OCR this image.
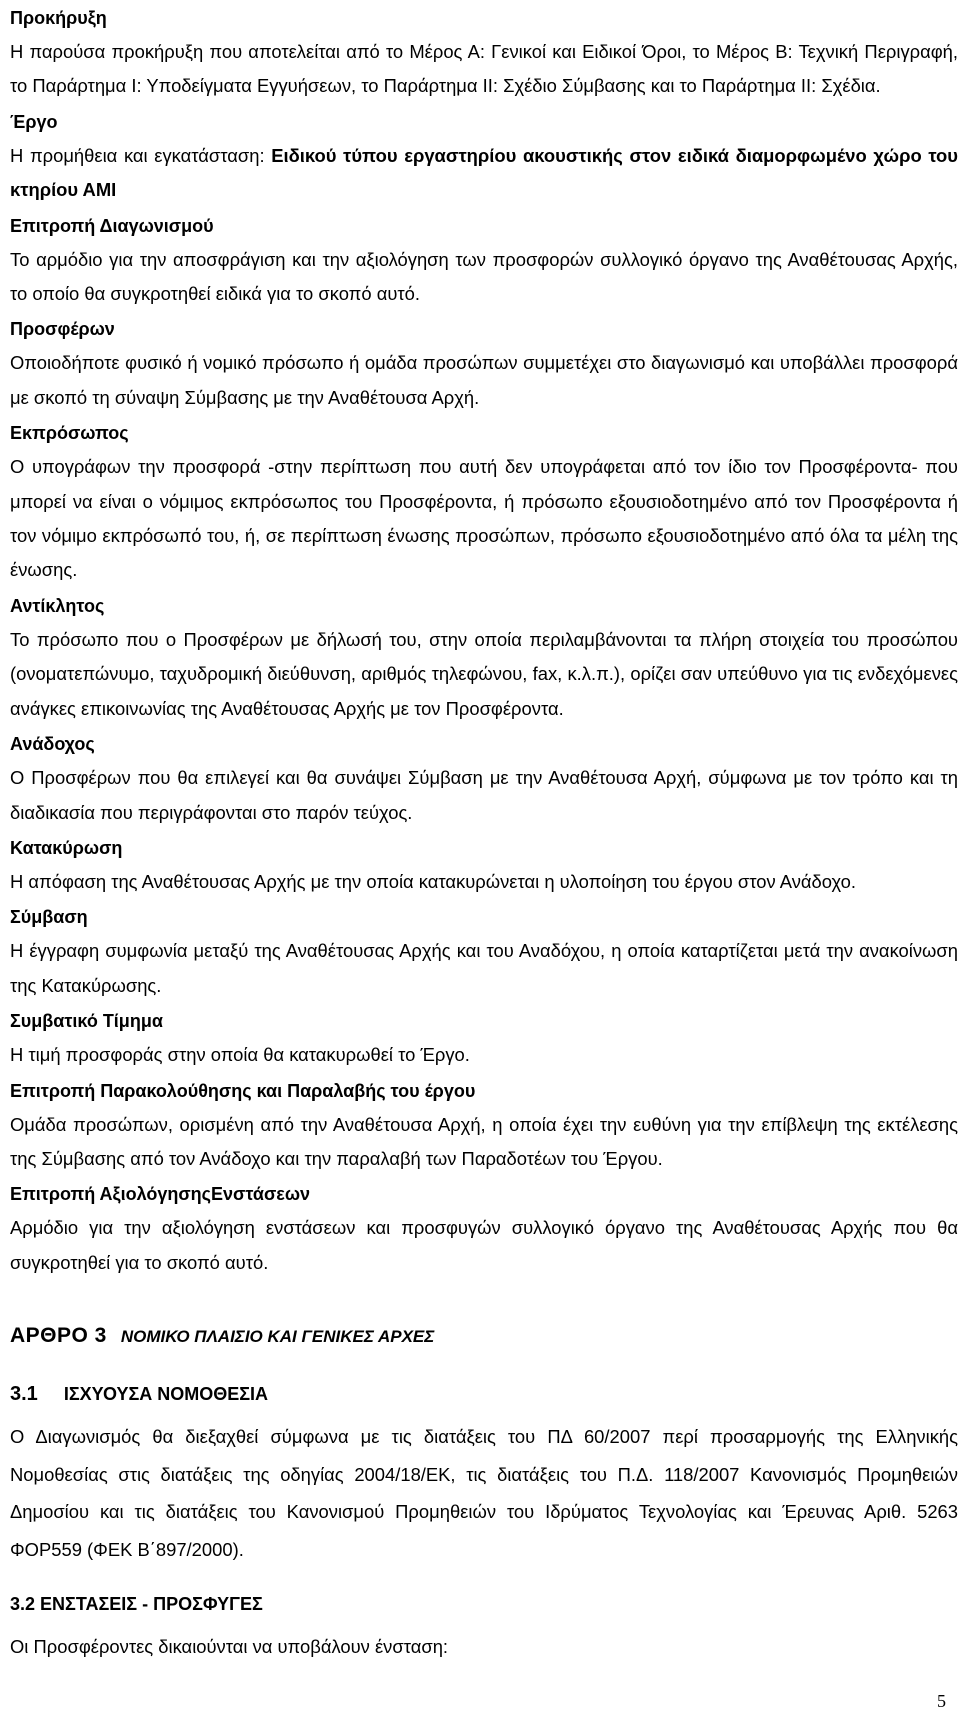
Προκήρυξη

Η παρούσα προκήρυξη που αποτελείται από το Μέρος Α: Γενικοί και Ειδικοί Όροι, το Μέρος Β: Τεχνική Περιγραφή, το Παράρτημα Ι: Υποδείγματα Εγγυήσεων, το Παράρτημα ΙΙ: Σχέδιο Σύμβασης και το Παράρτημα ΙΙ: Σχέδια.

Έργο

Η προμήθεια και εγκατάσταση: Ειδικού τύπου εργαστηρίου ακουστικής στον ειδικά διαμορφωμένο χώρο του κτηρίου ΑΜΙ

Επιτροπή Διαγωνισμού

Το αρμόδιο για την αποσφράγιση και την αξιολόγηση των προσφορών συλλογικό όργανο της Αναθέτουσας Αρχής, το οποίο θα συγκροτηθεί ειδικά για το σκοπό αυτό.

Προσφέρων

Οποιοδήποτε φυσικό ή νομικό πρόσωπο ή ομάδα προσώπων συμμετέχει στο διαγωνισμό και υποβάλλει προσφορά με σκοπό τη σύναψη Σύμβασης με την Αναθέτουσα Αρχή.

Εκπρόσωπος

Ο υπογράφων την προσφορά -στην περίπτωση που αυτή δεν υπογράφεται από τον ίδιο τον Προσφέροντα- που μπορεί να είναι ο νόμιμος εκπρόσωπος του Προσφέροντα, ή πρόσωπο εξουσιοδοτημένο από τον Προσφέροντα ή τον νόμιμο εκπρόσωπό του, ή, σε περίπτωση ένωσης προσώπων, πρόσωπο εξουσιοδοτημένο από όλα τα μέλη της ένωσης.

Αντίκλητος

Το πρόσωπο που ο Προσφέρων με δήλωσή του, στην οποία περιλαμβάνονται τα πλήρη στοιχεία του προσώπου (ονοματεπώνυμο, ταχυδρομική διεύθυνση, αριθμός τηλεφώνου, fax, κ.λ.π.), ορίζει σαν υπεύθυνο για τις ενδεχόμενες ανάγκες επικοινωνίας της Αναθέτουσας Αρχής με τον Προσφέροντα.

Ανάδοχος

Ο Προσφέρων που θα επιλεγεί και θα συνάψει Σύμβαση με την Αναθέτουσα Αρχή, σύμφωνα με τον τρόπο και τη διαδικασία που περιγράφονται στο παρόν τεύχος.

Κατακύρωση

Η απόφαση της Αναθέτουσας Αρχής με την οποία κατακυρώνεται η υλοποίηση του έργου στον Ανάδοχο.

Σύμβαση

Η έγγραφη συμφωνία μεταξύ της Αναθέτουσας Αρχής και του Αναδόχου, η οποία καταρτίζεται μετά την ανακοίνωση της Κατακύρωσης.

Συμβατικό Τίμημα

Η τιμή προσφοράς στην οποία θα κατακυρωθεί το Έργο.

Επιτροπή Παρακολούθησης και Παραλαβής του έργου

Ομάδα προσώπων, ορισμένη από την Αναθέτουσα Αρχή, η οποία έχει την ευθύνη για την επίβλεψη της εκτέλεσης της Σύμβασης από τον Ανάδοχο και την παραλαβή των Παραδοτέων του Έργου.

Επιτροπή ΑξιολόγησηςΕνστάσεων

Αρμόδιο για την αξιολόγηση ενστάσεων και προσφυγών συλλογικό όργανο της Αναθέτουσας Αρχής που θα συγκροτηθεί για το σκοπό αυτό.

ΑΡΘΡΟ 3 ΝΟΜΙΚΟ ΠΛΑΙΣΙΟ ΚΑΙ ΓΕΝΙΚΕΣ ΑΡΧΕΣ
3.1 ΙΣΧΥΟΥΣΑ ΝΟΜΟΘΕΣΙΑ

Ο Διαγωνισμός θα διεξαχθεί σύμφωνα με τις διατάξεις του ΠΔ 60/2007 περί προσαρμογής της Ελληνικής Νομοθεσίας στις διατάξεις της οδηγίας 2004/18/ΕΚ, τις διατάξεις του Π.Δ. 118/2007 Κανονισμός Προμηθειών Δημοσίου και τις διατάξεις του Κανονισμού Προμηθειών του Ιδρύματος Τεχνολογίας και Έρευνας Αριθ. 5263 ΦΟΡ559 (ΦΕΚ Β΄897/2000).

3.2 ΕΝΣΤΑΣΕΙΣ - ΠΡΟΣΦΥΓΕΣ

Οι Προσφέροντες δικαιούνται να υποβάλουν ένσταση:

5
